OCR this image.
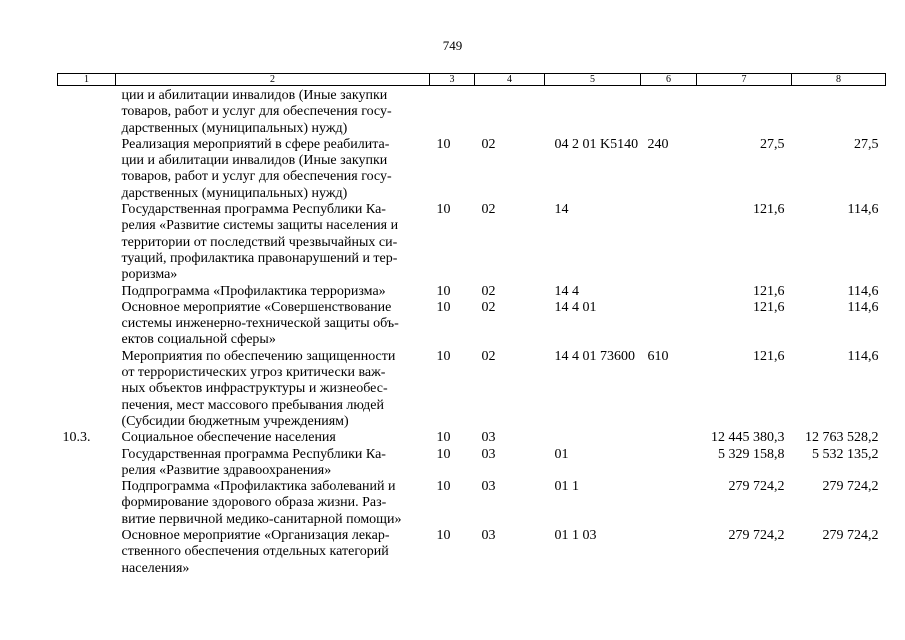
749
1	2	3	4	5	6	7	8

	ции и абилитации инвалидов (Иные закупки
товаров, работ и услуг для обеспечения госу-
дарственных (муниципальных) нужд)						

	Реализация мероприятий в сфере реабилита-
ции и абилитации инвалидов (Иные закупки
товаров, работ и услуг для обеспечения госу-
дарственных (муниципальных) нужд)	10	02	04 2 01 K5140	240	27,5	27,5

	Государственная программа Республики Ка-
релия «Развитие системы защиты населения и
территории от последствий чрезвычайных си-
туаций, профилактика правонарушений и тер-
роризма»	10	02	14		121,6	114,6

	Подпрограмма «Профилактика терроризма»	10	02	14 4		121,6	114,6

	Основное мероприятие «Совершенствование
системы инженерно-технической защиты объ-
ектов социальной сферы»	10	02	14 4 01		121,6	114,6

	Мероприятия по обеспечению защищенности
от террористических угроз критически важ-
ных объектов инфраструктуры и жизнеобес-
печения, мест массового пребывания людей
(Субсидии бюджетным учреждениям)	10	02	14 4 01 73600	610	121,6	114,6
10.3.	Социальное обеспечение населения	10	03			12 445 380,3	12 763 528,2

	Государственная программа Республики Ка-
релия «Развитие здравоохранения»	10	03	01		5 329 158,8	5 532 135,2

	Подпрограмма «Профилактика заболеваний и
формирование здорового образа жизни. Раз-
витие первичной медико-санитарной помощи»	10	03	01 1		279 724,2	279 724,2

	Основное мероприятие «Организация лекар-
ственного обеспечения отдельных категорий
населения»	10	03	01 1 03		279 724,2	279 724,2
